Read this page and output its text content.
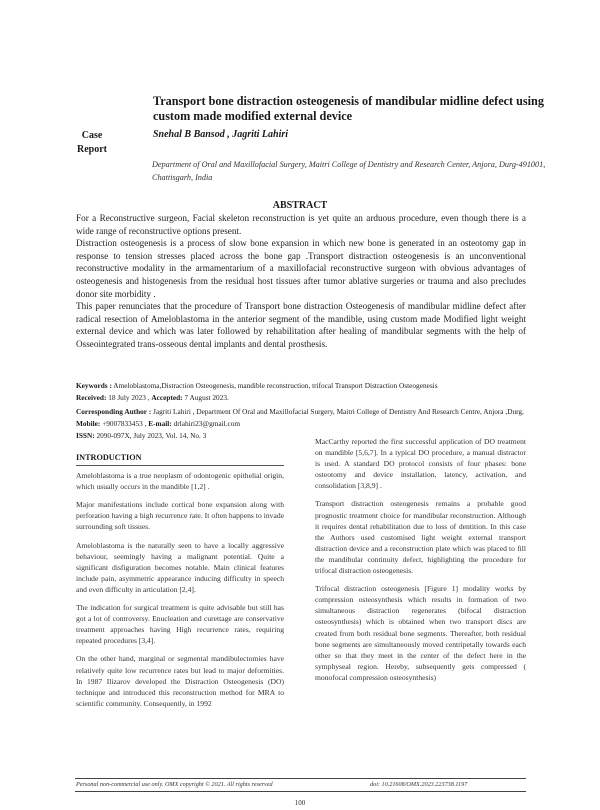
Transport bone distraction osteogenesis of mandibular midline defect using custom made modified external device
Case
Report
Snehal B Bansod , Jagriti Lahiri
Department of Oral and Maxillofacial Surgery, Maitri College of Dentistry and Research Center, Anjora, Durg-491001, Chattisgarh, India
ABSTRACT

For a Reconstructive surgeon, Facial skeleton reconstruction is yet quite an arduous procedure, even though there is a wide range of reconstructive options present.

Distraction osteogenesis is a process of slow bone expansion in which new bone is generated in an osteotomy gap in response to tension stresses placed across the bone gap .Transport distraction osteogenesis is an unconventional reconstructive modality in the armamentarium of a maxillofacial reconstructive surgeon with obvious advantages of osteogenesis and histogenesis from the residual host tissues after tumor ablative surgeries or trauma and also precludes donor site morbidity .

This paper renunciates that the procedure of Transport bone distraction Osteogenesis of mandibular midline defect after radical resection of Ameloblastoma in the anterior segment of the mandible, using custom made Modified light weight external device and which was later followed by rehabilitation after healing of mandibular segments with the help of Osseointegrated trans-osseous dental implants and dental prosthesis.

Keywords : Ameloblastoma,Distraction Osteogenesis, mandible reconstruction, trifocal Transport Distraction Osteogenesis
Received: 18 July 2023 , Accepted: 7 August 2023.
Corresponding Author : Jagriti Lahiri , Department Of Oral and Maxillofacial Surgery, Maitri College of Dentistry And Research Centre, Anjora ,Durg, Mobile: +9007833453 , E-mail: drlahiri23@gmail.com
ISSN: 2090-097X, July 2023, Vol. 14, No. 3
INTRODUCTION

Ameloblastoma is a true neoplasm of odontogenic epithelial origin, which usually occurs in the mandible [1,2] .

Major manifestations include cortical bone expansion along with perforation having a high recurrence rate. It often happens to invade surrounding soft tissues.

Ameloblastoma is the naturally seen to have a locally aggressive behaviour, seemingly having a malignant potential. Quite a significant disfiguration becomes notable. Main clinical features include pain, asymmetric appearance inducing difficulty in speech and even difficulty in articulation [2,4].

The indication for surgical treatment is quite advisable but still has got a lot of controversy. Enucleation and curettage are conservative treatment approaches having High recurrence rates, requiring repeated procedures [3,4].

On the other hand, marginal or segmental mandibulectomies have relatively quite low recurrence rates but lead to major deformities. In 1987 Ilizarov developed the Distraction Osteogenesis (DO) technique and introduced this reconstruction method for MRA to scientific community. Consequently, in 1992

MacCarthy reported the first successful application of DO treatment on mandible [5,6,7]. In a typical DO procedure, a manual distractor is used. A standard DO protocol consists of four phases: bone osteotomy and device installation, latency, activation, and consolidation [3,8,9] .

Transport distraction osteogenesis remains a probable good prognostic treatment choice for mandibular reconstruction. Although it requires dental rehabilitation due to loss of dentition. In this case the Authors used customised light weight external transport distraction device and a reconstruction plate which was placed to fill the mandibular continuity defect, highlighting the procedure for trifocal distraction osteogenesis.

Trifocal distraction osteogenesis [Figure 1] modality works by compression osteosynthesis which results in formation of two simultaneous distraction regenerates (bifocal distraction osteosynthesis) which is obtained when two transport discs are created from both residual bone segments. Thereafter, both residual bone segments are simultaneously moved centripetally towards each other so that they meet in the center of the defect here in the symphyseal region. Hereby, subsequently gets compressed ( monofocal compression osteosynthesis)

Personal non-commercial use only. OMX copyright © 2021. All rights reserved	doi: 10.21608/OMX.2023.223738.1197
100
